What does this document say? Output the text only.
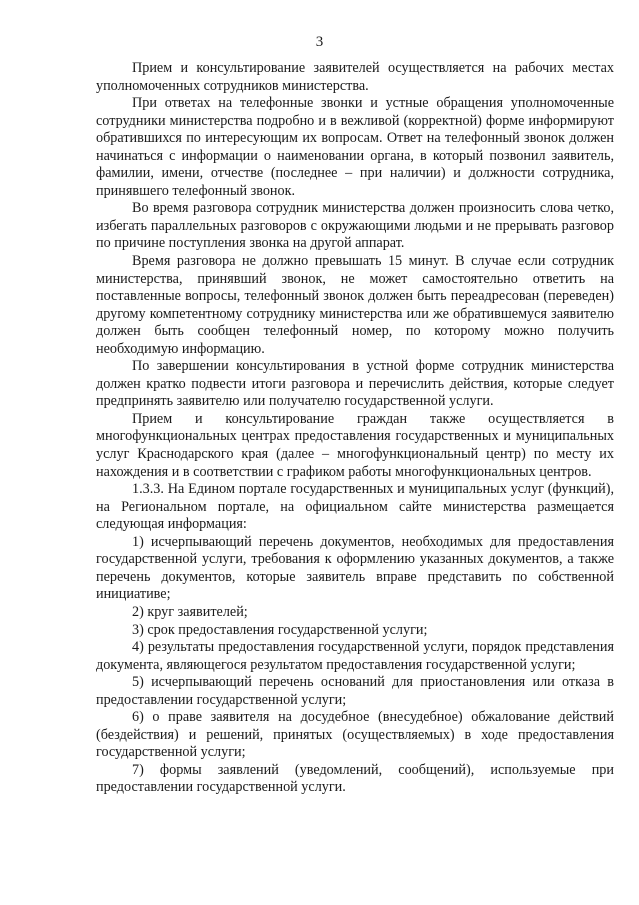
3

Прием и консультирование заявителей осуществляется на рабочих местах уполномоченных сотрудников министерства.

При ответах на телефонные звонки и устные обращения уполномоченные сотрудники министерства подробно и в вежливой (корректной) форме информируют обратившихся по интересующим их вопросам. Ответ на телефонный звонок должен начинаться с информации о наименовании органа, в который позвонил заявитель, фамилии, имени, отчестве (последнее – при наличии) и должности сотрудника, принявшего телефонный звонок.

Во время разговора сотрудник министерства должен произносить слова четко, избегать параллельных разговоров с окружающими людьми и не прерывать разговор по причине поступления звонка на другой аппарат.

Время разговора не должно превышать 15 минут. В случае если сотрудник министерства, принявший звонок, не может самостоятельно ответить на поставленные вопросы, телефонный звонок должен быть переадресован (переведен) другому компетентному сотруднику министерства или же обратившемуся заявителю должен быть сообщен телефонный номер, по которому можно получить необходимую информацию.

По завершении консультирования в устной форме сотрудник министерства должен кратко подвести итоги разговора и перечислить действия, которые следует предпринять заявителю или получателю государственной услуги.

Прием и консультирование граждан также осуществляется в многофункциональных центрах предоставления государственных и муниципальных услуг Краснодарского края (далее – многофункциональный центр) по месту их нахождения и в соответствии с графиком работы многофункциональных центров.

1.3.3. На Едином портале государственных и муниципальных услуг (функций), на Региональном портале, на официальном сайте министерства размещается следующая информация:

1) исчерпывающий перечень документов, необходимых для предоставления государственной услуги, требования к оформлению указанных документов, а также перечень документов, которые заявитель вправе представить по собственной инициативе;

2) круг заявителей;

3) срок предоставления государственной услуги;

4) результаты предоставления государственной услуги, порядок представления документа, являющегося результатом предоставления государственной услуги;

5) исчерпывающий перечень оснований для приостановления или отказа в предоставлении государственной услуги;

6) о праве заявителя на досудебное (внесудебное) обжалование действий (бездействия) и решений, принятых (осуществляемых) в ходе предоставления государственной услуги;

7) формы заявлений (уведомлений, сообщений), используемые при предоставлении государственной услуги.
